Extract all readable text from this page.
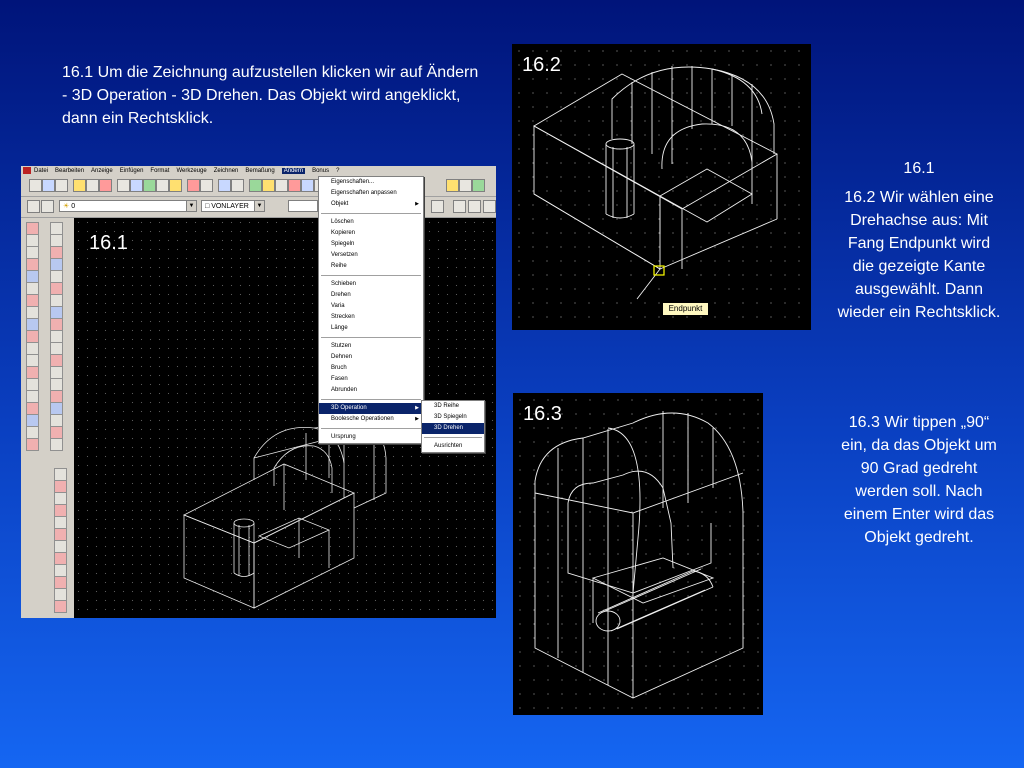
16.1 Um die Zeichnung aufzustellen klicken wir auf Ändern - 3D Operation - 3D Drehen. Das Objekt wird angeklickt, dann ein Rechtsklick.
Datei Bearbeiten Anzeige Einfügen Format Werkzeuge Zeichnen Bemaßung Ändern Bonus ?
☀ 0	▼	□ VONLAYER	▼
16.1
Eigenschaften...
Eigenschaften anpassen
Objekt	▶
Löschen
Kopieren
Spiegeln
Versetzen
Reihe
Schieben
Drehen
Varia
Strecken
Länge
Stutzen
Dehnen
Bruch
Fasen
Abrunden
3D Operation	▶
Boolesche Operationen	▶
Ursprung
3D Reihe
3D Spiegeln
3D Drehen
Ausrichten
16.2
Endpunkt
16.3
16.1
16.2 Wir wählen eine Drehachse aus: Mit Fang Endpunkt wird die gezeigte Kante ausgewählt. Dann wieder ein Rechtsklick.
16.3 Wir tippen „90“ ein, da das Objekt um 90 Grad gedreht werden soll. Nach einem Enter wird das Objekt gedreht.
